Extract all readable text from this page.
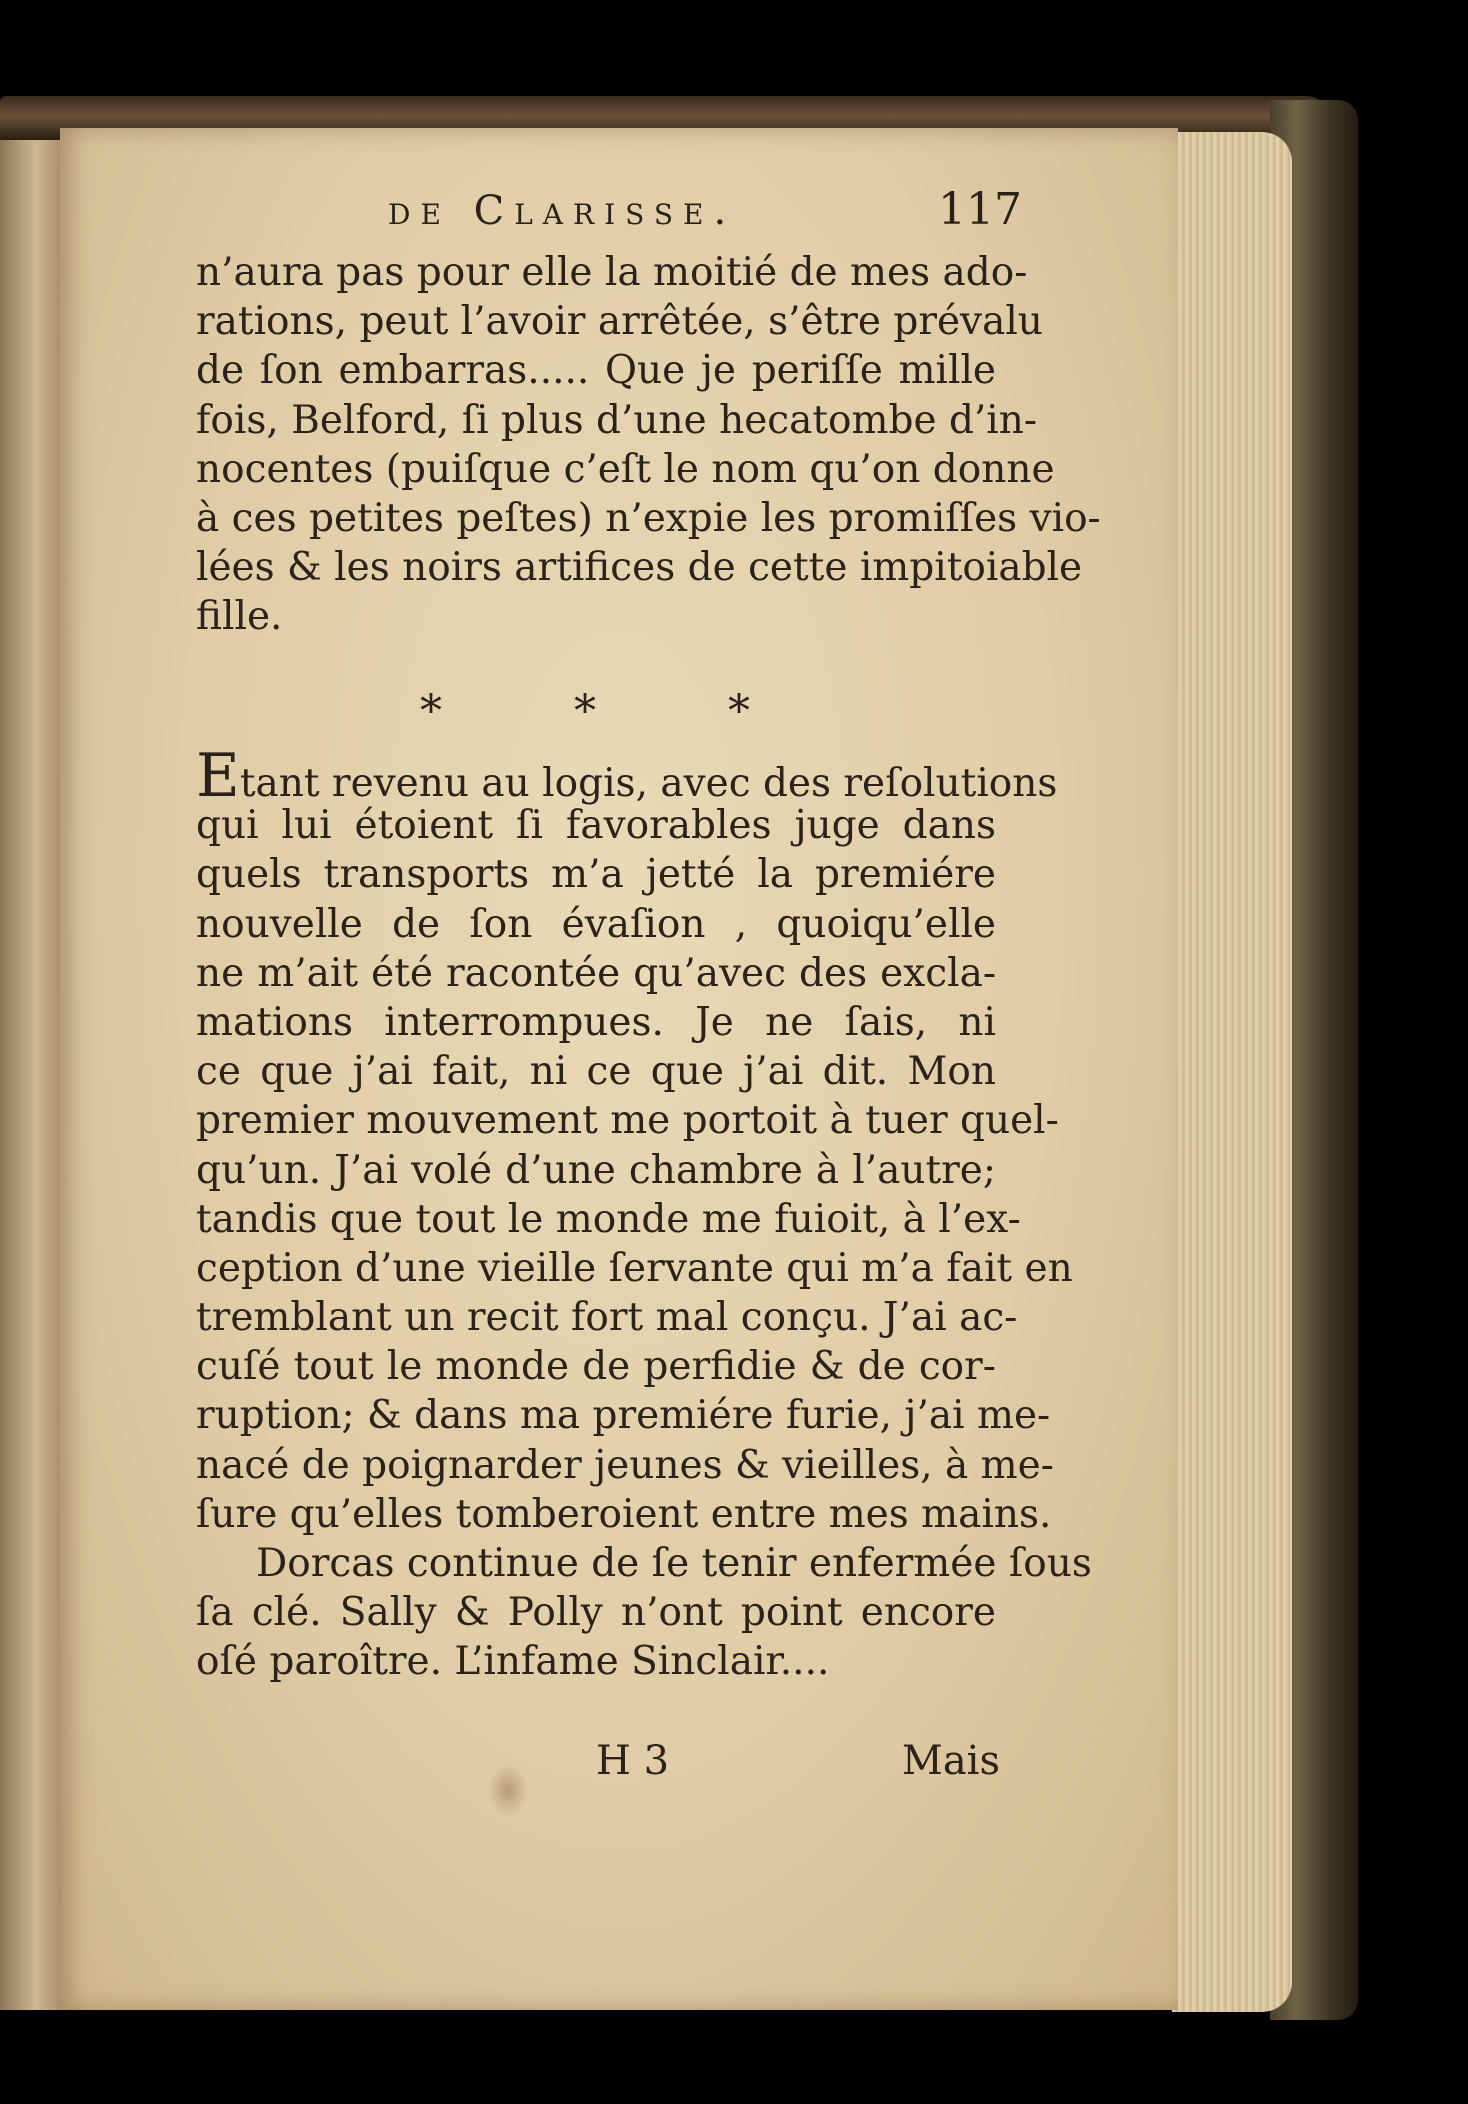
de Clarisse.	117
n’aura pas pour elle la moitié de mes ado-
rations, peut l’avoir arrêtée, s’être prévalu
de ſon embarras..... Que je periſſe mille
fois, Belford, ſi plus d’une hecatombe d’in-
nocentes (puiſque c’eſt le nom qu’on donne
à ces petites peſtes) n’expie les promiſſes vio-
lées & les noirs artifices de cette impitoiable
fille.
*	*	*
Etant revenu au logis, avec des reſolutions
qui lui étoient ſi favorables juge dans
quels transports m’a jetté la premiére
nouvelle de ſon évaſion , quoiqu’elle
ne m’ait été racontée qu’avec des excla-
mations interrompues. Je ne ſais, ni
ce que j’ai fait, ni ce que j’ai dit. Mon
premier mouvement me portoit à tuer quel-
qu’un. J’ai volé d’une chambre à l’autre;
tandis que tout le monde me fuioit, à l’ex-
ception d’une vieille ſervante qui m’a fait en
tremblant un recit fort mal conçu. J’ai ac-
cuſé tout le monde de perfidie & de cor-
ruption; & dans ma premiére furie, j’ai me-
nacé de poignarder jeunes & vieilles, à me-
ſure qu’elles tomberoient entre mes mains.
Dorcas continue de ſe tenir enfermée ſous
ſa clé. Sally & Polly n’ont point encore
oſé paroître. L’infame Sinclair....
H 3	Mais
